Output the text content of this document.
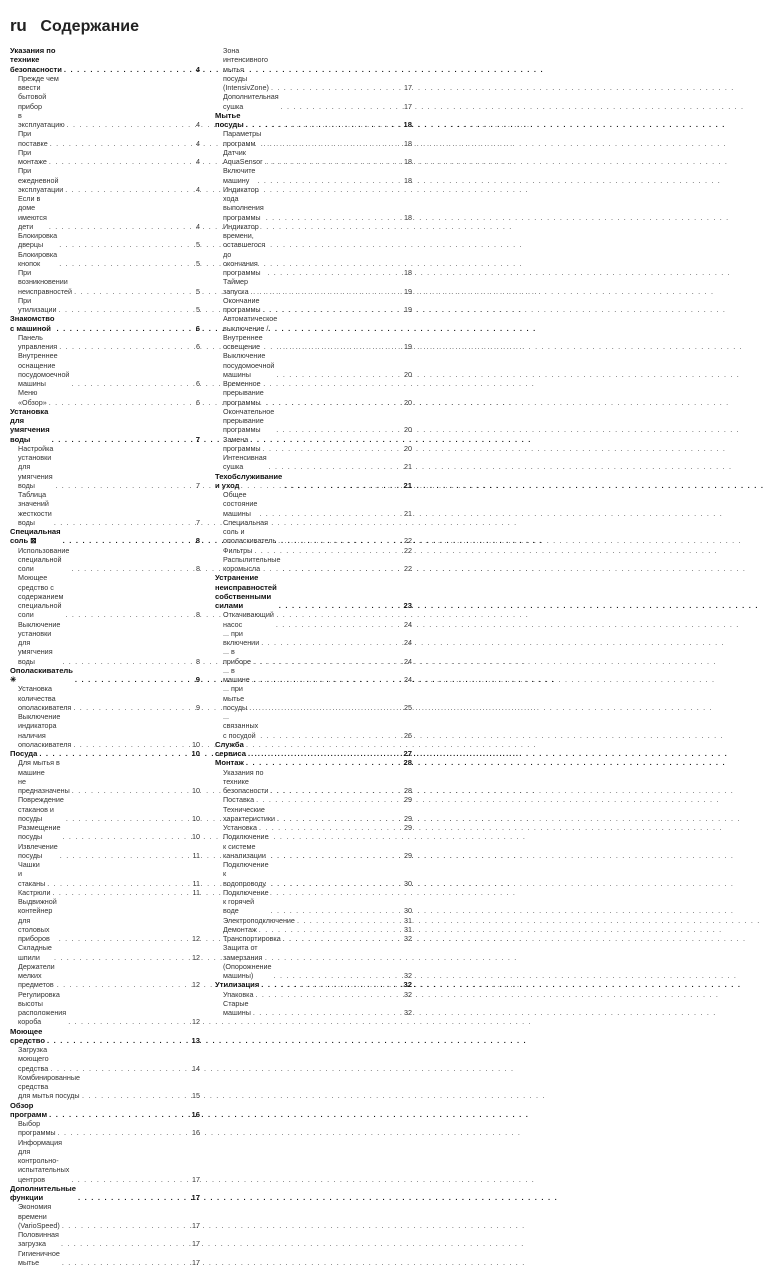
ru Содержание
Указания по технике безопасности . . .	4
Прежде чем ввести бытовой прибор
в эксплуатацию . . .	4
При поставке . . .	4
При монтаже . . .	4
При ежедневной эксплуатации . . .	4
Если в доме имеются дети . . .	4
Блокировка дверцы . . .	5
Блокировка кнопок . . .	5
При возникновении неисправностей . . .	5
При утилизации . . .	5
Знакомство с машиной . . .	6
Панель управления . . .	6
Внутреннее оснащение
посудомоечной машины . . .	6
Меню «Обзор» . . .	6
Установка для умягчения воды . . .	7
Настройка установки для умягчения
воды . . .	7
Таблица значений жесткости воды . . .	7
Специальная соль ⊠ . . .	8
Использование специальной соли . . .	8
Моющее средство с содержанием
специальной соли . . .	8
Выключение установки
для умягчения воды . . .	8
Ополаскиватель ✳ . . .	9
Установка количества
ополаскивателя . . .	9
Выключение индикатора наличия
ополаскивателя . . .	10
Посуда . . .	10
Для мытья в машине
не предназначены . . .	10
Повреждение стаканов и посуды . . .	10
Размещение посуды . . .	10
Извлечение посуды . . .	11
Чашки и стаканы . . .	11
Кастрюли . . .	11
Выдвижной контейнер для столовых
приборов . . .	12
Складные шпили . . .	12
Держатели мелких предметов . . .	12
Регулировка высоты расположения
короба . . .	12
Моющее средство . . .	13
Загрузка моющего средства . . .	14
Комбинированные средства
для мытья посуды . . .	15
Обзор программ . . .	16
Выбор программы . . .	16
Информация для контрольно-
испытательных центров . . .	17
Дополнительные функции . . .	17
Экономия времени (VarioSpeed) . . .	17
Половинная загрузка . . .	17
Гигиеничное мытье . . .	17
Зона интенсивного мытья посуды
(IntensivZone) . . .	17
Дополнительная сушка . . .	17
Мытье посуды . . .	18
Параметры программ . . .	18
Датчик AquaSensor . . .	18
Включите машину . . .	18
Индикатор хода выполнения
программы . . .	18
Индикатор времени, оставшегося до
окончания программы . . .	18
Таймер запуска . . .	19
Окончание программы . . .	19
Автоматическое выключение /
Внутреннее освещение . . .	19
Выключение посудомоечной машины . . .	20
Временное прерывание программы . . .	20
Окончательное прерывание
программы . . .	20
Замена программы . . .	20
Интенсивная сушка . . .	21
Техобслуживание и уход . . .	21
Общее состояние машины . . .	21
Специальная соль и ополаскиватель . . .	22
Фильтры . . .	22
Распылительные коромысла . . .	22
Устранение неисправностей
собственными силами . . .	23
Откачивающий насос . . .	24
... при включении . . .	24
... в приборе . . .	24
... в машине . . .	24
... при мытье посуды . . .	25
... связанных с посудой . . .	26
Служба сервиса . . .	27
Монтаж . . .	28
Указания по технике безопасности . . .	28
Поставка . . .	29
Технические характеристики . . .	29
Установка . . .	29
Подключение к системе канализации . . .	29
Подключение к водопроводу . . .	30
Подключение к горячей воде . . .	30
Электроподключение . . .	31
Демонтаж . . .	31
Транспортировка . . .	32
Защита от замерзания
(Опорожнение машины) . . .	32
Утилизация . . .	32
Упаковка . . .	32
Старые машины . . .	32
